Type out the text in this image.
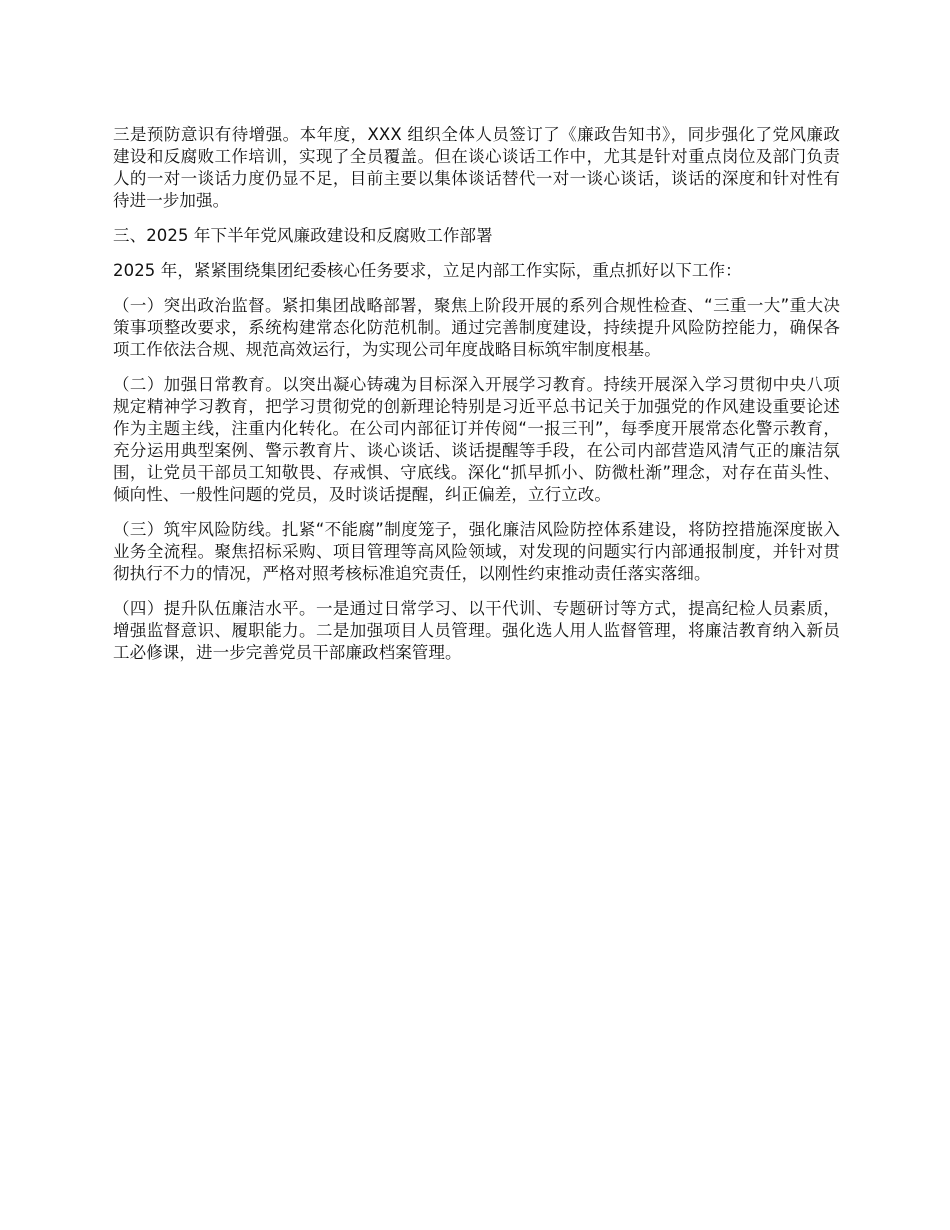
三是预防意识有待增强。本年度，XXX 组织全体人员签订了《廉政告知书》，同步强化了党风廉政建设和反腐败工作培训，实现了全员覆盖。但在谈心谈话工作中，尤其是针对重点岗位及部门负责人的一对一谈话力度仍显不足，目前主要以集体谈话替代一对一谈心谈话，谈话的深度和针对性有待进一步加强。

三、2025 年下半年党风廉政建设和反腐败工作部署

2025 年，紧紧围绕集团纪委核心任务要求，立足内部工作实际，重点抓好以下工作：

（一）突出政治监督。紧扣集团战略部署，聚焦上阶段开展的系列合规性检查、“三重一大”重大决策事项整改要求，系统构建常态化防范机制。通过完善制度建设，持续提升风险防控能力，确保各项工作依法合规、规范高效运行，为实现公司年度战略目标筑牢制度根基。

（二）加强日常教育。以突出凝心铸魂为目标深入开展学习教育。持续开展深入学习贯彻中央八项规定精神学习教育，把学习贯彻党的创新理论特别是习近平总书记关于加强党的作风建设重要论述作为主题主线，注重内化转化。在公司内部征订并传阅“一报三刊”，每季度开展常态化警示教育，充分运用典型案例、警示教育片、谈心谈话、谈话提醒等手段，在公司内部营造风清气正的廉洁氛围，让党员干部员工知敬畏、存戒惧、守底线。深化“抓早抓小、防微杜渐”理念，对存在苗头性、倾向性、一般性问题的党员，及时谈话提醒，纠正偏差，立行立改。

（三）筑牢风险防线。扎紧“不能腐”制度笼子，强化廉洁风险防控体系建设，将防控措施深度嵌入业务全流程。聚焦招标采购、项目管理等高风险领域，对发现的问题实行内部通报制度，并针对贯彻执行不力的情况，严格对照考核标准追究责任，以刚性约束推动责任落实落细。

（四）提升队伍廉洁水平。一是通过日常学习、以干代训、专题研讨等方式，提高纪检人员素质，增强监督意识、履职能力。二是加强项目人员管理。强化选人用人监督管理，将廉洁教育纳入新员工必修课，进一步完善党员干部廉政档案管理。
